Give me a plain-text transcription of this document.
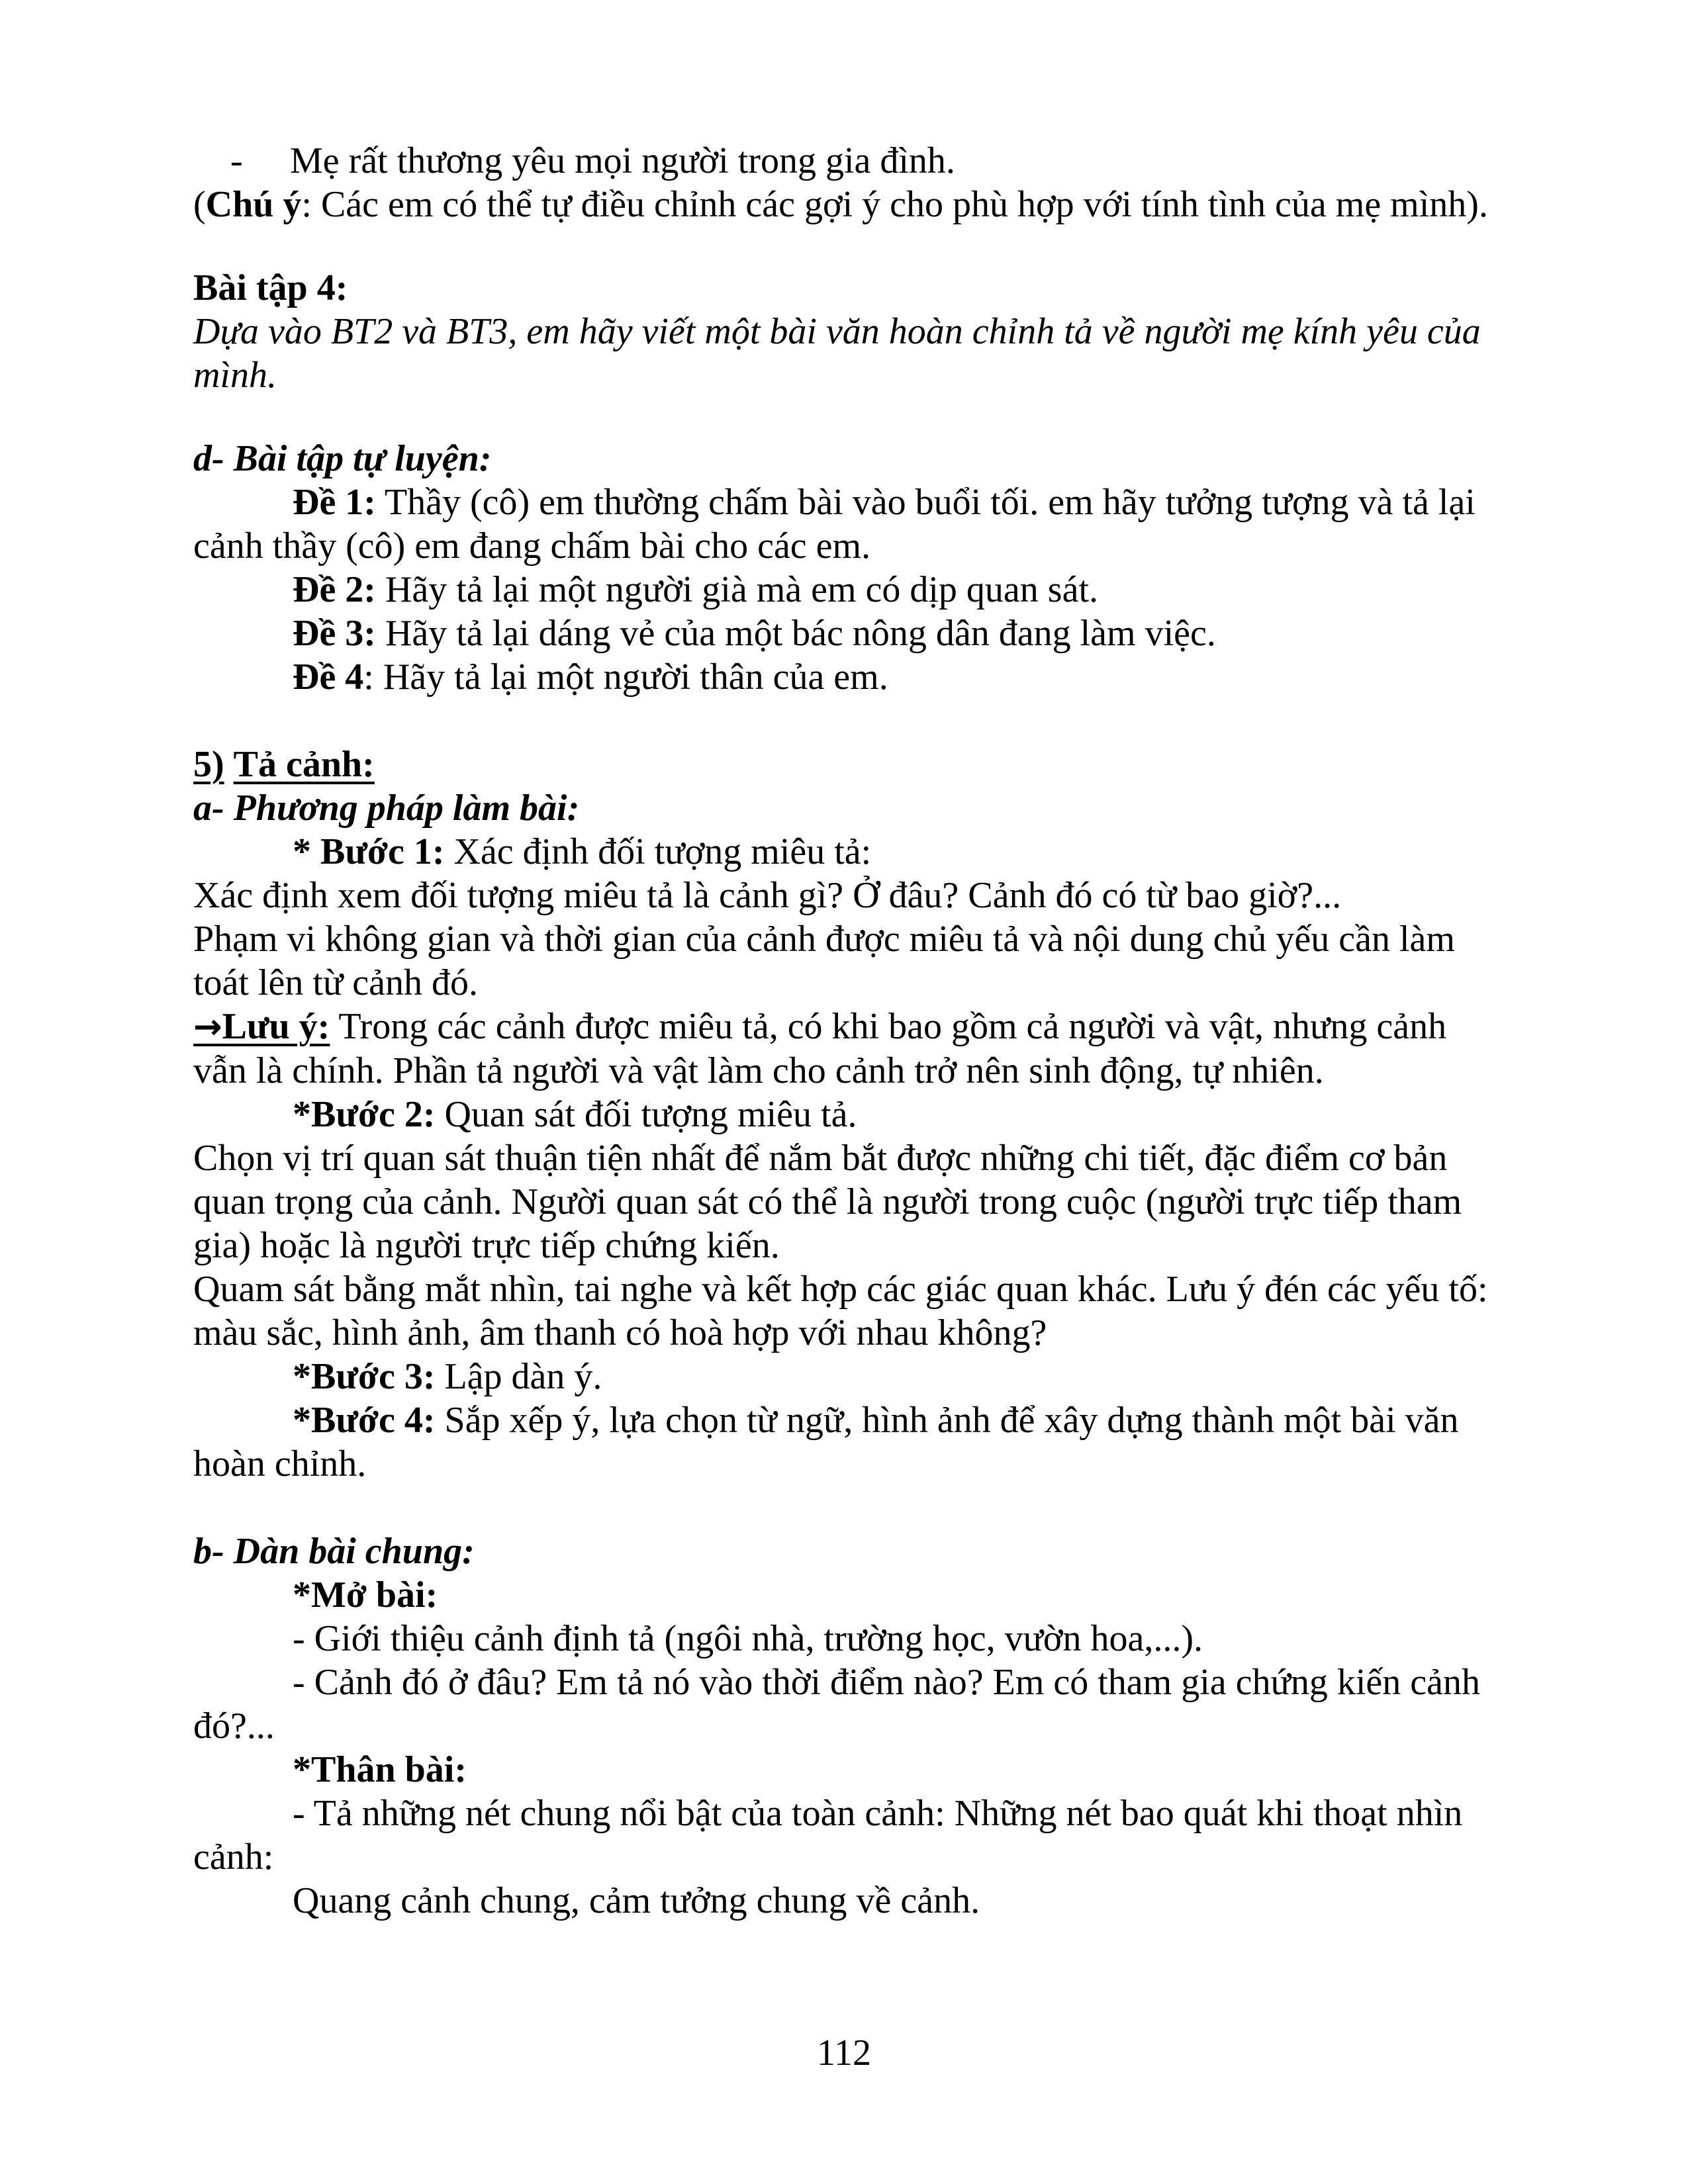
- Mẹ rất thương yêu mọi người trong gia đình.

(Chú ý: Các em có thể tự điều chỉnh các gợi ý cho phù hợp với tính tình của mẹ mình).

Bài tập 4:

Dựa vào BT2 và BT3, em hãy viết một bài văn hoàn chỉnh tả về người mẹ kính yêu của mình.

d- Bài tập tự luyện:

Đề 1: Thầy (cô) em thường chấm bài vào buổi tối. em hãy tưởng tượng và tả lại

cảnh thầy (cô) em đang chấm bài cho các em.

Đề 2: Hãy tả lại một người già mà em có dịp quan sát.

Đề 3: Hãy tả lại dáng vẻ của một bác nông dân đang làm việc.

Đề 4: Hãy tả lại một người thân của em.

5) Tả cảnh:

a- Phương pháp làm bài:

* Bước 1: Xác định đối tượng miêu tả:

Xác định xem đối tượng miêu tả là cảnh gì? Ở đâu? Cảnh đó có từ bao giờ?...

Phạm vi không gian và thời gian của cảnh được miêu tả và nội dung chủ yếu cần làm

toát lên từ cảnh đó.

→Lưu ý: Trong các cảnh được miêu tả, có khi bao gồm cả người và vật, nhưng cảnh

vẫn là chính. Phần tả người và vật làm cho cảnh trở nên sinh động, tự nhiên.

*Bước 2: Quan sát đối tượng miêu tả.

Chọn vị trí quan sát thuận tiện nhất để nắm bắt được những chi tiết, đặc điểm cơ bản

quan trọng của cảnh. Người quan sát có thể là người trong cuộc (người trực tiếp tham

gia) hoặc là người trực tiếp chứng kiến.

Quam sát bằng mắt nhìn, tai nghe và kết hợp các giác quan khác. Lưu ý đén các yếu tố:

màu sắc, hình ảnh, âm thanh có hoà hợp với nhau không?

*Bước 3: Lập dàn ý.

*Bước 4: Sắp xếp ý, lựa chọn từ ngữ, hình ảnh để xây dựng thành một bài văn

hoàn chỉnh.

b- Dàn bài chung:

*Mở bài:

- Giới thiệu cảnh định tả (ngôi nhà, trường học, vườn hoa,...).

- Cảnh đó ở đâu? Em tả nó vào thời điểm nào? Em có tham gia chứng kiến cảnh

đó?...

*Thân bài:

- Tả những nét chung nổi bật của toàn cảnh: Những nét bao quát khi thoạt nhìn

cảnh:

Quang cảnh chung, cảm tưởng chung về cảnh.

112
